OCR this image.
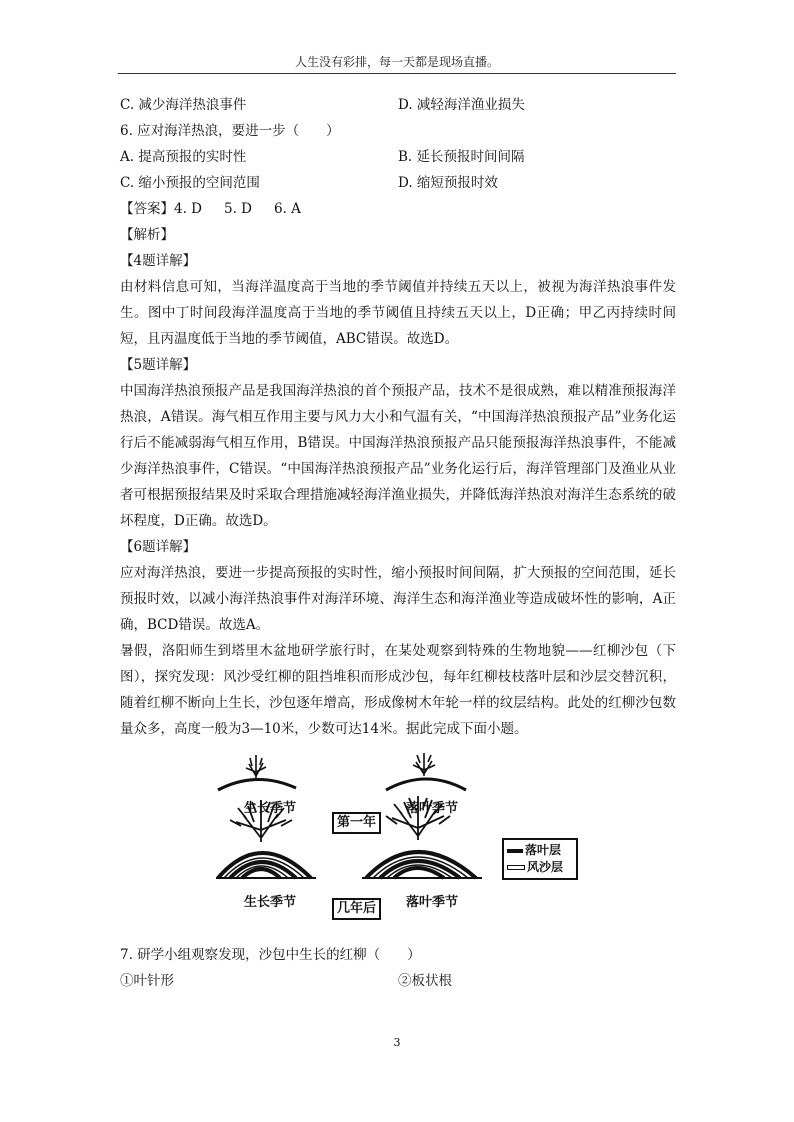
人生没有彩排，每一天都是现场直播。
C. 减少海洋热浪事件	D. 减轻海洋渔业损失
6. 应对海洋热浪，要进一步（　　）
A. 提高预报的实时性	B. 延长预报时间间隔
C. 缩小预报的空间范围	D. 缩短预报时效
【答案】4. D 5. D 6. A
【解析】
【4题详解】
由材料信息可知，当海洋温度高于当地的季节阈值并持续五天以上，被视为海洋热浪事件发生。图中丁时间段海洋温度高于当地的季节阈值且持续五天以上，D正确；甲乙丙持续时间短，且丙温度低于当地的季节阈值，ABC错误。故选D。
【5题详解】
中国海洋热浪预报产品是我国海洋热浪的首个预报产品，技术不是很成熟，难以精准预报海洋热浪，A错误。海气相互作用主要与风力大小和气温有关，“中国海洋热浪预报产品”业务化运行后不能减弱海气相互作用，B错误。中国海洋热浪预报产品只能预报海洋热浪事件，不能减少海洋热浪事件，C错误。“中国海洋热浪预报产品”业务化运行后，海洋管理部门及渔业从业者可根据预报结果及时采取合理措施减轻海洋渔业损失，并降低海洋热浪对海洋生态系统的破坏程度，D正确。故选D。
【6题详解】
应对海洋热浪，要进一步提高预报的实时性，缩小预报时间间隔，扩大预报的空间范围，延长预报时效，以减小海洋热浪事件对海洋环境、海洋生态和海洋渔业等造成破坏性的影响，A正确，BCD错误。故选A。
暑假，洛阳师生到塔里木盆地研学旅行时，在某处观察到特殊的生物地貌——红柳沙包（下图），探究发现：风沙受红柳的阻挡堆积而形成沙包，每年红柳枝枝落叶层和沙层交替沉积，随着红柳不断向上生长，沙包逐年增高，形成像树木年轮一样的纹层结构。此处的红柳沙包数量众多，高度一般为3—10米，少数可达14米。据此完成下面小题。
生长季节	落叶季节
第一年
落叶层
风沙层
生长季节	落叶季节
几年后
7. 研学小组观察发现，沙包中生长的红柳（　　）
①叶针形	②板状根
3
